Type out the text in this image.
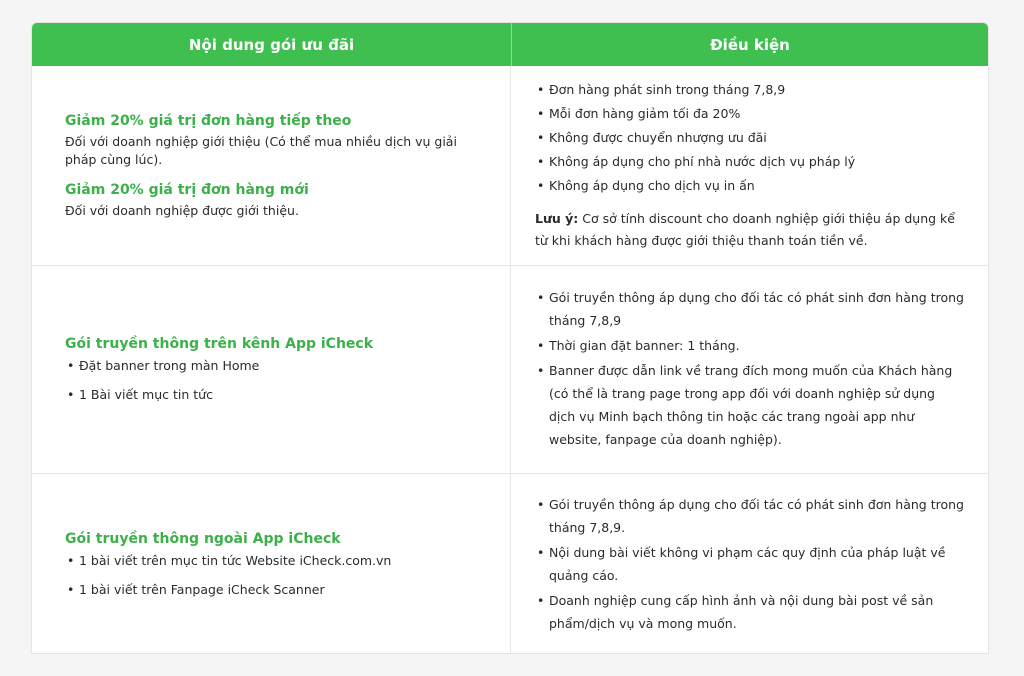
Nội dung gói ưu đãi	Điều kiện

Giảm 20% giá trị đơn hàng tiếp theo

Đối với doanh nghiệp giới thiệu (Có thể mua nhiều dịch vụ giải pháp cùng lúc).

Giảm 20% giá trị đơn hàng mới

Đối với doanh nghiệp được giới thiệu.

• Đơn hàng phát sinh trong tháng 7,8,9
• Mỗi đơn hàng giảm tối đa 20%
• Không được chuyển nhượng ưu đãi
• Không áp dụng cho phí nhà nước dịch vụ pháp lý
• Không áp dụng cho dịch vụ in ấn
Lưu ý: Cơ sở tính discount cho doanh nghiệp giới thiệu áp dụng kể từ khi khách hàng được giới thiệu thanh toán tiền về.

Gói truyền thông trên kênh App iCheck

• Đặt banner trong màn Home
• 1 Bài viết mục tin tức
• Gói truyền thông áp dụng cho đối tác có phát sinh đơn hàng trong tháng 7,8,9
• Thời gian đặt banner: 1 tháng.
• Banner được dẫn link về trang đích mong muốn của Khách hàng (có thể là trang page trong app đối với doanh nghiệp sử dụng dịch vụ Minh bạch thông tin hoặc các trang ngoài app như website, fanpage của doanh nghiệp).

Gói truyền thông ngoài App iCheck

• 1 bài viết trên mục tin tức Website iCheck.com.vn
• 1 bài viết trên Fanpage iCheck Scanner
• Gói truyền thông áp dụng cho đối tác có phát sinh đơn hàng trong tháng 7,8,9.
• Nội dung bài viết không vi phạm các quy định của pháp luật về quảng cáo.
• Doanh nghiệp cung cấp hình ảnh và nội dung bài post về sản phẩm/dịch vụ và mong muốn.
